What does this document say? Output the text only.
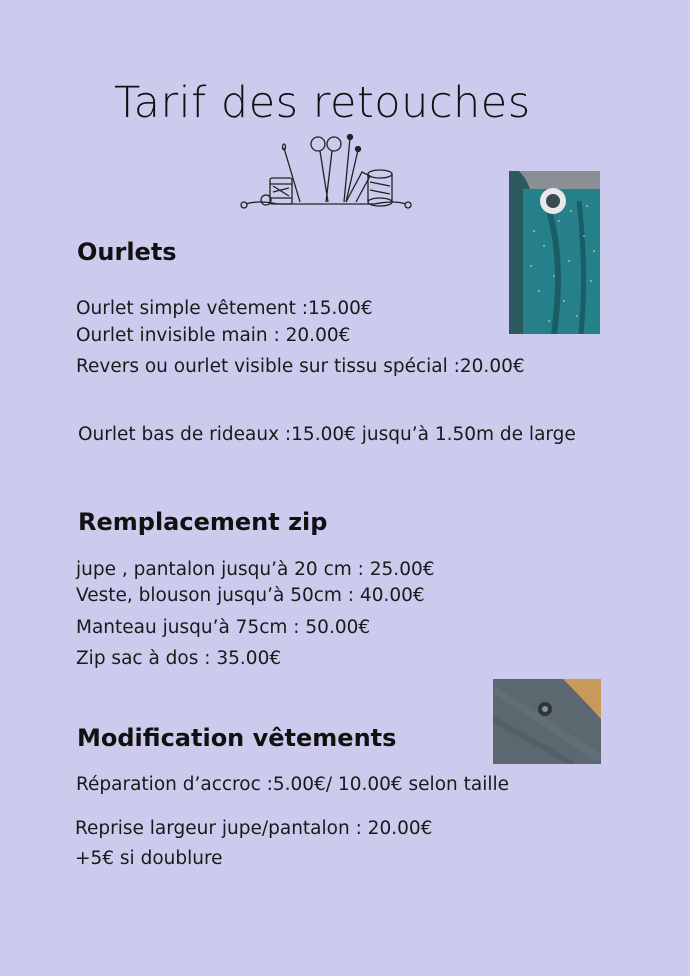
Tarif des retouches
Ourlets
Ourlet simple vêtement :15.00€
Ourlet invisible main : 20.00€
Revers ou ourlet visible sur tissu spécial :20.00€
Ourlet bas de rideaux :15.00€ jusqu’à 1.50m de large
Remplacement zip
jupe , pantalon jusqu’à 20 cm : 25.00€
Veste, blouson jusqu’à 50cm : 40.00€
Manteau jusqu’à 75cm : 50.00€
Zip sac à dos : 35.00€
Modification vêtements
Réparation d’accroc :5.00€/ 10.00€ selon taille
Reprise largeur jupe/pantalon : 20.00€
+5€ si doublure
